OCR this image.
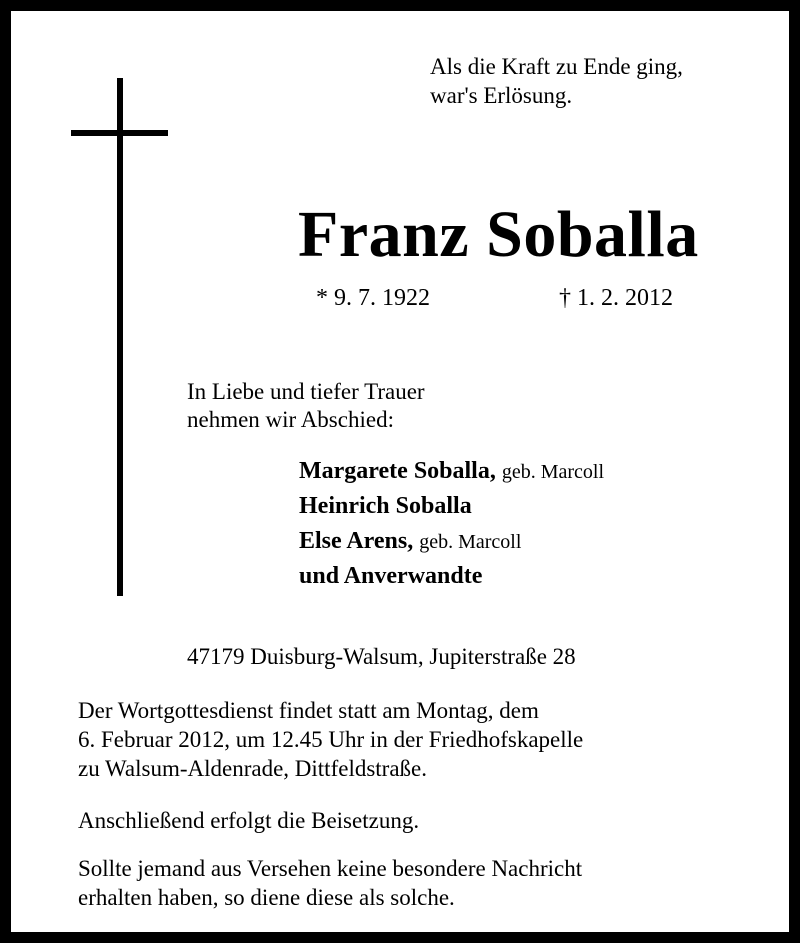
Als die Kraft zu Ende ging,
war's Erlösung.
Franz Soballa
* 9. 7. 1922	† 1. 2. 2012
In Liebe und tiefer Trauer
nehmen wir Abschied:
Margarete Soballa, geb. Marcoll
Heinrich Soballa
Else Arens, geb. Marcoll
und Anverwandte
47179 Duisburg-Walsum, Jupiterstraße 28
Der Wortgottesdienst findet statt am Montag, dem
6. Februar 2012, um 12.45 Uhr in der Friedhofskapelle
zu Walsum-Aldenrade, Dittfeldstraße.
Anschließend erfolgt die Beisetzung.
Sollte jemand aus Versehen keine besondere Nachricht
erhalten haben, so diene diese als solche.
